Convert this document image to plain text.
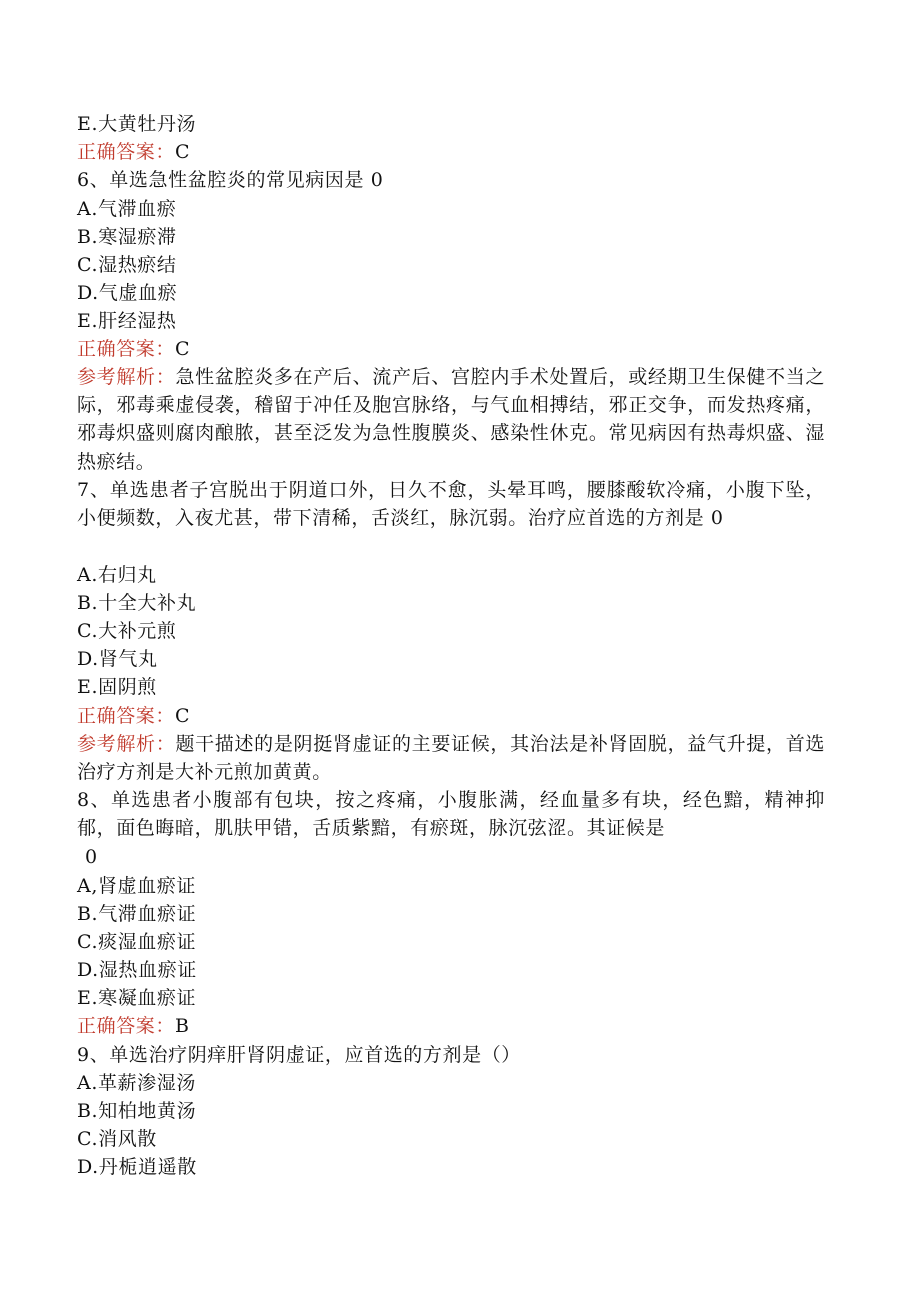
E.大黄牡丹汤
正确答案：C
6、单选急性盆腔炎的常见病因是 0
A.气滞血瘀
B.寒湿瘀滞
C.湿热瘀结
D.气虚血瘀
E.肝经湿热
正确答案：C
参考解析：急性盆腔炎多在产后、流产后、宫腔内手术处置后，或经期卫生保健不当之际，邪毒乘虚侵袭，稽留于冲任及胞宫脉络，与气血相搏结，邪正交争，而发热疼痛，邪毒炽盛则腐肉酿脓，甚至泛发为急性腹膜炎、感染性休克。常见病因有热毒炽盛、湿热瘀结。
7、单选患者子宫脱出于阴道口外，日久不愈，头晕耳鸣，腰膝酸软冷痛，小腹下坠，小便频数，入夜尤甚，带下清稀，舌淡红，脉沉弱。治疗应首选的方剂是 0
A.右归丸
B.十全大补丸
C.大补元煎
D.肾气丸
E.固阴煎
正确答案：C
参考解析：题干描述的是阴挺肾虚证的主要证候，其治法是补肾固脱，益气升提，首选治疗方剂是大补元煎加黄黄。
8、单选患者小腹部有包块，按之疼痛，小腹胀满，经血量多有块，经色黯，精神抑郁，面色晦暗，肌肤甲错，舌质紫黯，有瘀斑，脉沉弦涩。其证候是
0
A,肾虚血瘀证
B.气滞血瘀证
C.痰湿血瘀证
D.湿热血瘀证
E.寒凝血瘀证
正确答案：B
9、单选治疗阴痒肝肾阴虚证，应首选的方剂是（）
A.革薪渗湿汤
B.知柏地黄汤
C.消风散
D.丹栀逍遥散
